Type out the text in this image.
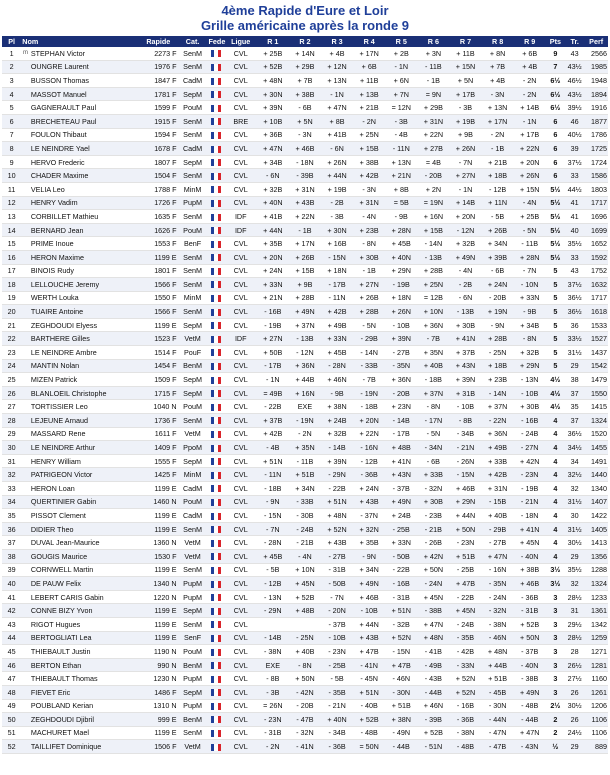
4ème Rapide d'Eure et Loir
Grille américaine après la ronde 9
Pl	Nom		Rapide	Cat.	Fede	Ligue	R 1	R 2	R 3	R 4	R 5	R 6	R 7	R 8	R 9	Pts	Tr.	Perf
1	m	STEPHAN Victor	2273 F	SenM		CVL	+ 25B	+ 14N	+ 4B	+ 17N	+ 2B	+ 3N	+ 11B	+ 8N	+ 6B	9	43	2566
2		OUNGRE Laurent	1976 F	SenM		CVL	+ 52B	+ 29B	+ 12N	+ 6B	- 1N	- 11B	+ 15N	+ 7B	+ 4B	7	43½	1985
3		BUSSON Thomas	1847 F	CadM		CVL	+ 48N	+ 7B	+ 13N	+ 11B	+ 6N	- 1B	+ 5N	+ 4B	- 2N	6½	46½	1948
4		MASSOT Manuel	1781 F	SepM		CVL	+ 30N	+ 38B	- 1N	+ 13B	+ 7N	= 9N	+ 17B	- 3N	- 2N	6½	43½	1894
5		GAGNERAULT Paul	1599 F	PouM		CVL	+ 39N	- 6B	+ 47N	+ 21B	= 12N	+ 29B	- 3B	+ 13N	+ 14B	6½	39½	1916
6		BRECHETEAU Paul	1915 F	SenM		BRE	+ 10B	+ 5N	+ 8B	- 2N	- 3B	+ 31N	+ 19B	+ 17N	- 1N	6	46	1877
7		FOULON Thibaut	1594 F	SenM		CVL	+ 36B	- 3N	+ 41B	+ 25N	- 4B	+ 22N	+ 9B	- 2N	+ 17B	6	40½	1786
8		LE NEINDRE Yael	1678 F	CadM		CVL	+ 47N	+ 46B	- 6N	+ 15B	- 11N	+ 27B	+ 26N	- 1B	+ 22N	6	39	1725
9		HERVO Frederic	1807 F	SepM		CVL	+ 34B	- 18N	+ 26N	+ 38B	+ 13N	= 4B	- 7N	+ 21B	+ 20N	6	37½	1724
10		CHADER Maxime	1504 F	SenM		CVL	- 6N	- 39B	+ 44N	+ 42B	+ 21N	- 20B	+ 27N	+ 18B	+ 26N	6	33	1586
11		VELIA Leo	1788 F	MinM		CVL	+ 32B	+ 31N	+ 19B	- 3N	+ 8B	+ 2N	- 1N	- 12B	+ 15N	5½	44½	1803
12		HENRY Vadim	1726 F	PupM		CVL	+ 40N	+ 43B	- 2B	+ 31N	= 5B	= 19N	+ 14B	+ 11N	- 4N	5½	41	1717
13		CORBILLET Mathieu	1635 F	SenM		IDF	+ 41B	+ 22N	- 3B	- 4N	- 9B	+ 16N	+ 20N	- 5B	+ 25B	5½	41	1696
14		BERNARD Jean	1626 F	PouM		IDF	+ 44N	- 1B	+ 30N	+ 23B	+ 28N	+ 15B	- 12N	+ 26B	- 5N	5½	40	1699
15		PRIME Inoue	1553 F	BenF		CVL	+ 35B	+ 17N	+ 16B	- 8N	+ 45B	- 14N	+ 32B	+ 34N	- 11B	5½	35½	1652
16		HERON Maxime	1199 E	SenM		CVL	+ 20N	+ 26B	- 15N	+ 30B	+ 40N	- 13B	+ 49N	+ 39B	+ 28N	5½	33	1592
17		BINOIS Rudy	1801 F	SenM		CVL	+ 24N	+ 15B	+ 18N	- 1B	+ 29N	+ 28B	- 4N	- 6B	- 7N	5	43	1752
18		LELLOUCHE Jeremy	1566 F	SenM		CVL	+ 33N	+ 9B	- 17B	+ 27N	- 19B	+ 25N	- 2B	+ 24N	- 10N	5	37½	1632
19		WERTH Louka	1550 F	MinM		CVL	+ 21N	+ 28B	- 11N	+ 26B	+ 18N	= 12B	- 6N	- 20B	+ 33N	5	36½	1717
20		TUAIRE Antoine	1566 F	SenM		CVL	- 16B	+ 49N	+ 42B	+ 28B	+ 26N	+ 10N	- 13B	+ 19N	- 9B	5	36½	1618
21		ZEGHDOUDI Elyess	1199 E	SepM		CVL	- 19B	+ 37N	+ 49B	- 5N	- 10B	+ 36N	+ 30B	- 9N	+ 34B	5	36	1533
22		BARTHERE Gilles	1523 F	VetM		IDF	+ 27N	- 13B	+ 33N	- 29B	+ 39N	- 7B	+ 41N	+ 28B	- 8N	5	33½	1527
23		LE NEINDRE Ambre	1514 F	PouF		CVL	+ 50B	- 12N	+ 45B	- 14N	- 27B	+ 35N	+ 37B	- 25N	+ 32B	5	31½	1437
24		MANTIN Nolan	1454 F	BenM		CVL	- 17B	+ 36N	- 28N	- 33B	- 35N	+ 40B	+ 43N	+ 18B	+ 29N	5	29	1542
25		MIZEN Patrick	1509 F	SepM		CVL	- 1N	+ 44B	+ 46N	- 7B	+ 36N	- 18B	+ 39N	+ 23B	- 13N	4½	38	1479
26		BLANLOEIL Christophe	1715 F	SepM		CVL	= 49B	+ 16N	- 9B	- 19N	- 20B	+ 37N	+ 31B	- 14N	- 10B	4½	37	1550
27		TORTISSIER Leo	1040 N	PouM		CVL	- 22B	EXE	+ 38N	- 18B	+ 23N	- 8N	- 10B	+ 37N	+ 30B	4½	35	1415
28		LEJEUNE Arnaud	1736 F	SenM		CVL	+ 37B	- 19N	+ 24B	+ 20N	- 14B	- 17N	- 8B	- 22N	- 16B	4	37	1324
29		MASSARD Rene	1611 F	VetM		CVL	+ 42B	- 2N	+ 32B	+ 22N	- 17B	- 5N	- 34B	+ 36N	- 24B	4	36½	1520
30		LE NEINDRE Arthur	1409 F	PpoM		CVL	- 4B	+ 35N	- 14B	- 16N	+ 48B	- 34N	- 21N	+ 49B	- 27N	4	34½	1455
31		HENRY William	1555 F	SepM		CVL	+ 51N	- 11B	+ 39N	- 12B	+ 41N	- 6B	- 26N	+ 33B	+ 42N	4	34	1491
32		PATRIGEON Victor	1425 F	MinM		CVL	- 11N	+ 51B	- 29N	- 36B	+ 43N	+ 33B	- 15N	+ 42B	- 23N	4	32½	1440
33		HERON Loan	1199 E	CadM		CVL	- 18B	+ 34N	- 22B	+ 24N	- 37B	- 32N	+ 46B	+ 31N	- 19B	4	32	1340
34		QUERTINIER Gabin	1460 N	PouM		CVL	- 9N	- 33B	+ 51N	+ 43B	+ 49N	+ 30B	+ 29N	- 15B	- 21N	4	31½	1407
35		PISSOT Clement	1199 E	CadM		CVL	- 15N	- 30B	+ 48N	- 37N	+ 24B	- 23B	+ 44N	+ 40B	- 18N	4	30	1422
36		DIDIER Theo	1199 E	SenM		CVL	- 7N	- 24B	+ 52N	+ 32N	- 25B	- 21B	+ 50N	- 29B	+ 41N	4	31½	1405
37		DUVAL Jean-Maurice	1360 N	VetM		CVL	- 28N	- 21B	+ 43B	+ 35B	+ 33N	- 26B	- 23N	- 27B	+ 45N	4	30½	1413
38		GOUGIS Maurice	1530 F	VetM		CVL	+ 45B	- 4N	- 27B	- 9N	- 50B	+ 42N	+ 51B	+ 47N	- 40N	4	29	1356
39		CORNWELL Martin	1199 E	SenM		CVL	- 5B	+ 10N	- 31B	+ 34N	- 22B	+ 50N	- 25B	- 16N	+ 38B	3½	35½	1288
40		DE PAUW Felix	1340 N	PupM		CVL	- 12B	+ 45N	- 50B	+ 49N	- 16B	- 24N	+ 47B	- 35N	+ 46B	3½	32	1324
41		LEBERT CARIS Gabin	1220 N	PupM		CVL	- 13N	+ 52B	- 7N	+ 46B	- 31B	+ 45N	- 22B	- 24N	- 36B	3	28½	1233
42		CONNE BIZY Yvon	1199 E	SepM		CVL	- 29N	+ 48B	- 20N	- 10B	+ 51N	- 38B	+ 45N	- 32N	- 31B	3	31	1361
43		RIGOT Hugues	1199 E	SenM		CVL			- 37B	+ 44N	- 32B	+ 47N	- 24B	- 38N	+ 52B	3	29½	1342
44		BERTOGLIATI Lea	1199 E	SenF		CVL	- 14B	- 25N	- 10B	+ 43B	+ 52N	+ 48N	- 35B	- 46N	+ 50N	3	28½	1259
45		THIEBAULT Justin	1190 N	PouM		CVL	- 38N	+ 40B	- 23N	+ 47B	- 15N	- 41B	- 42B	+ 48N	- 37B	3	28	1271
46		BERTON Ethan	990 N	BenM		CVL	EXE	- 8N	- 25B	- 41N	+ 47B	- 49B	- 33N	+ 44B	- 40N	3	26½	1281
47		THIEBAULT Thomas	1230 N	PupM		CVL	- 8B	+ 50N	- 5B	- 45N	- 46N	- 43B	+ 52N	+ 51B	- 38B	3	27½	1160
48		FIEVET Eric	1486 F	SepM		CVL	- 3B	- 42N	- 35B	+ 51N	- 30N	- 44B	+ 52N	- 45B	+ 49N	3	26	1261
49		POUBLAND Kerian	1310 N	PupM		CVL	= 26N	- 20B	- 21N	- 40B	+ 51B	+ 46N	- 16B	- 30N	- 48B	2½	30½	1206
50		ZEGHDOUDI Djibril	999 E	BenM		CVL	- 23N	- 47B	+ 40N	+ 52B	+ 38N	- 39B	- 36B	- 44N	- 44B	2	26	1106
51		MACHURET Mael	1199 E	SenM		CVL	- 31B	- 32N	- 34B	- 48B	- 49N	+ 52B	- 38N	- 47N	+ 47N	2	24½	1106
52		TAILLIFET Dominique	1506 F	VetM		CVL	- 2N	- 41N	- 36B	= 50N	- 44B	- 51N	- 48B	- 47B	- 43N	½	29	889
